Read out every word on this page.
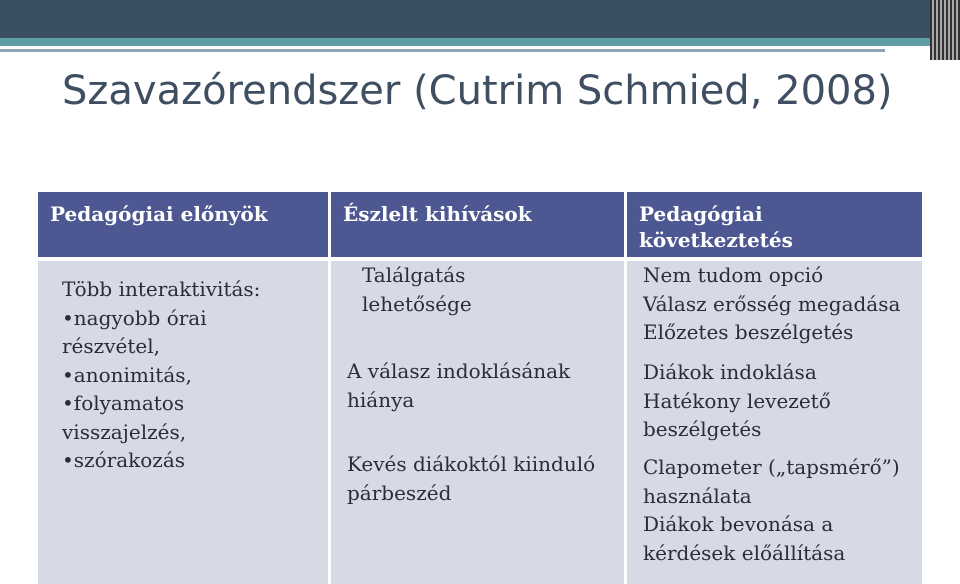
Szavazórendszer (Cutrim Schmied, 2008)
Pedagógiai előnyök	Észlelt kihívások	Pedagógiai következtetés

Több interaktivitás:

•nagyobb órai

részvétel,

•anonimitás,

•folyamatos

visszajelzés,

•szórakozás

Találgatás

lehetősége

A válasz indoklásának

hiánya

Kevés diákoktól kiinduló

párbeszéd

Nem tudom opció

Válasz erősség megadása

Előzetes beszélgetés

Diákok indoklása

Hatékony levezető

beszélgetés

Clapometer („tapsmérő”)

használata

Diákok bevonása a

kérdések előállítása
